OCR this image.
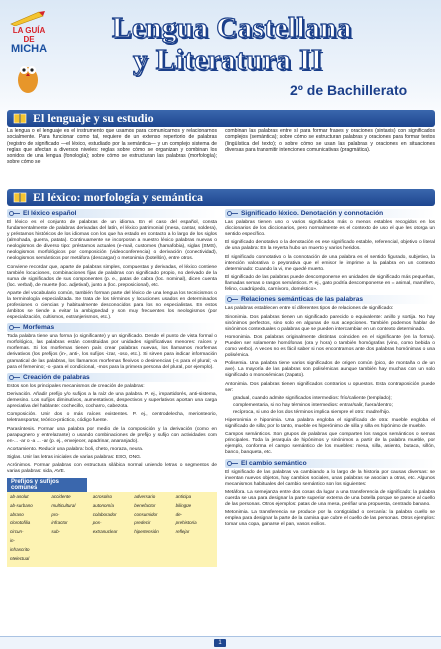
LA GUÍA
DE
MICHA
Lengua Castellana
y Literatura II
2º de Bachillerato
El lenguaje y su estudio

La lengua o el lenguaje es el instrumento que usamos para comunicarnos y relacionarnos socialmente. Para funcionar como tal, requiere de un extenso repertorio de palabras (registro de significado —el léxico, estudiado por la semántica— y un complejo sistema de reglas que afectan a diversos niveles: reglas sobre cómo se organizan y combinan los sonidos de una lengua (fonología); sobre cómo se estructuran las palabras (morfología); sobre cómo se

combinan las palabras entre sí para formar frases y oraciones (sintaxis) con significados complejos (semántica); sobre cómo se estructuran palabras y oraciones para formar textos (lingüística del texto); o sobre cómo se usan las palabras y oraciones en situaciones diversas para transmitir intenciones comunicativas (pragmática).

El léxico: morfología y semántica
El léxico español

El léxico es el conjunto de palabras de un idioma. En el caso del español, consta fundamentalmente de palabras derivadas del latín, el léxico patrimonial (mesa, cantar, soldera), y préstamos históricos de los idiomas con los que ha estado en contacto a lo largo de los siglos (almohada, guerra, patata). Continuamente se incorporan a nuestro léxico palabras nuevas o neologismos de diverso tipo: préstamos actuales (e-mail, customes (hamafobia), siglas (SMS), neologismos morfológicos por composición (videoconferencia) o derivación (conectividad), neologismos semánticos por metáfora (descargar) o metonimia (botellón), entre otros.

Conviene recordar que, aparte de palabras simples, compuestas y derivadas, el léxico contiene también locuciones, combinaciones fijas de palabras con significado propio, no derivado de la suma de significados de sus componentes (p. e., patas de cabra (loc. nominal), dicen cuenta (loc. verbal), de muerte (loc. adjetival), junto a (loc. preposicional), etc.

Aparte del vocabulario común, también forman parte del léxico de una lengua los tecnicismos o la terminología especializada. Se trata de los términos y locuciones usados en determinados profesiones o ciencias y habitualmente desconocidos para los no especialistas. En estos ámbitos se tiende a evitar la ambigüedad y son muy frecuentes los neologismos (por especialización, cultismos, extranjerismos, etc.).

Morfemas

Toda palabra tiene una forma (o significante) y un significado. Desde el punto de vista formal o morfológico, las palabras están constituidas por unidades significativas menores: raíces y morfemas. Si los morfemas tienen país crear palabras nuevas, los llamamos morfemas derivativos (los prefijos (in-, anti-, los sufijos -izar, -oso, etc.). Si sirven para indicar información gramatical de las palabras, los llamamos morfemas flexivos o desinencias (-s para el plural; -a para el femenino; -o -para el condicional, -mos para la primera persona del plural, por ejemplo).

Creación de palabras

Estos son los principales mecanismos de creación de palabras:

Derivación. Añadir prefijo y/o sufijos a la raíz de una palabra. P. ej., impartidorés, anti-sistema, demesino. Los sufijos diminutivos, aumentativos, despectivos y superlativos aportan una carga apreciativa del hablante: cochecillo, cocharro, cabezota.

Composición. Unir dos o más raíces existentes. P. ej., centrodelecha, merionteorio, teletransportar, teórico-práctico, código fuente.

Parasíntesis. Formar una palabra por medio de la composición y la derivación (como en parapugnero y entrelazante) o usando combinaciones de prefijo y sufijo con actividades com en-... -ar o -a ... -ar (p. ej., envejecer, apadrinar, anaranjado).

Acortamiento. Reducir una palabra: boli, cheto, moraza, neura.

Siglas. Unir las letras iniciales de varias palabras: ESO, ONG.

Acrónimos. Formar palabras con estructura silábica normal uniendo letras o segmentos de varias palabras: sida, AVE.

Prefijos y sufijos comunes
ab-asolut	accidente	acrosolso	adversario	anticipa
ab-surbano	multicultural	autonomía	benefactor	bilingüe
abraso	pro-	colaborador	consumidor	de-
clorotofilia	infractor	pos-	predecir	prehistoria
circun-	sub-	extranuclear	hipertensión	reflejar
in-
infrascrito
ntelectual
Significado léxico. Denotación y connotación

Las palabras tienen uno o varios significados más o menos estables recogidos en los diccionarios de los diccionarios, pero normalmente es el contexto de uso el que les otorga un sentido específico.

El significado denotativo o la denotación es ese significado estable, referencial, objetivo o literal de una palabra: En la reyerta hubo un muerto y varios heridos.

El significado connotativo o la connotación de una palabra es el sentido figurado, subjetivo, la intención valorativa o peyorativa que el emisor le imprime a la palabra en un contexto determinado: Cuando la vi, me quedé muerto.

El significado de las palabras puede descomponerse en unidades de significado más pequeñas, llamadas semas o rasgos semánticos. P. ej., gato podría descomponerse en = animal, mamífero, felino, cuadrúpedo, carnívoro, doméstico».

Relaciones semánticas de las palabras

Las palabras establecen entre sí diferentes tipos de relaciones de significado:

Sinonimia. Dos palabras tienen un significado parecido o equivalente: anillo y sortija. No hay sinónimos perfectos, sino solo en algunas de sus acepciones. También podemos hablar de sinónimos contextuales o palabras que se pueden intercambiar en un contexto determinado.

Homonimia. Dos palabras originalmente distintas coinciden en el significante (en la forma). Pueden ser solamente homófonas (ora y hora) o también homógrafas (vino, como bebida o como verbo). A veces no es fácil saber si nos encontramos ante dos palabras homónimas o una polisémica.

Polisemia. Una palabra tiene varios significados de origen común (pico, de montaña o de un ave). La mayoría de las palabras son polisémicas aunque también hay muchas con un solo significado o monosémicas (zapato).

Antonimia. Dos palabras tienen significados contrarios u opuestos. Esta contraposición puede ser:

gradual, cuando admite significados intermedios: frío/caliente (templado);
complementaria, si no hay términos intermedios: entrar/salir, fuera/dentro;
recíproca, si uno de los dos términos implica siempre el otro: madre/hijo.

Hiperonimia e hiponimia. Una palabra engloba el significado de otra: mueble engloba el significado de silla; por lo tanto, mueble es hiperónimo de silla y silla es hipónimo de mueble.

Campos semánticos. Son grupos de palabras que comparten los rasgos semánticos o semas principales. Toda la jerarquía de hipónimos y sinónimos a partir de la palabra mueble, por ejemplo, conforma el campo semántico de los muebles: mesa, silla, asiento, butaca, sillón, banco, banqueta, etc.

El cambio semántico

El significado de las palabras va cambiando a lo largo de la historia por causas diversas: se inventan nuevos objetos, hay cambios sociales, unas palabras se asocian a otras, etc. Algunos mecanismos habituales del cambio semántico son los siguientes:

Metáfora. La semejanza entre dos cosas da lugar a una transferencia de significado: la palabra cuerda se usa para designar la parte superior externa de una botella porque se parece al cuello de las personas. Otros ejemplos: patas de una mesa, perifiar una propuesta, centrado banano.

Metonimia. La transferencia se produce por la contigüidad o cercanía: la palabra cuello se emplea para designar la parte de la camisa que cubre el cuello de las personas. Otros ejemplos: tomar una copa, ganarse el pan, vasos exilios.

1
